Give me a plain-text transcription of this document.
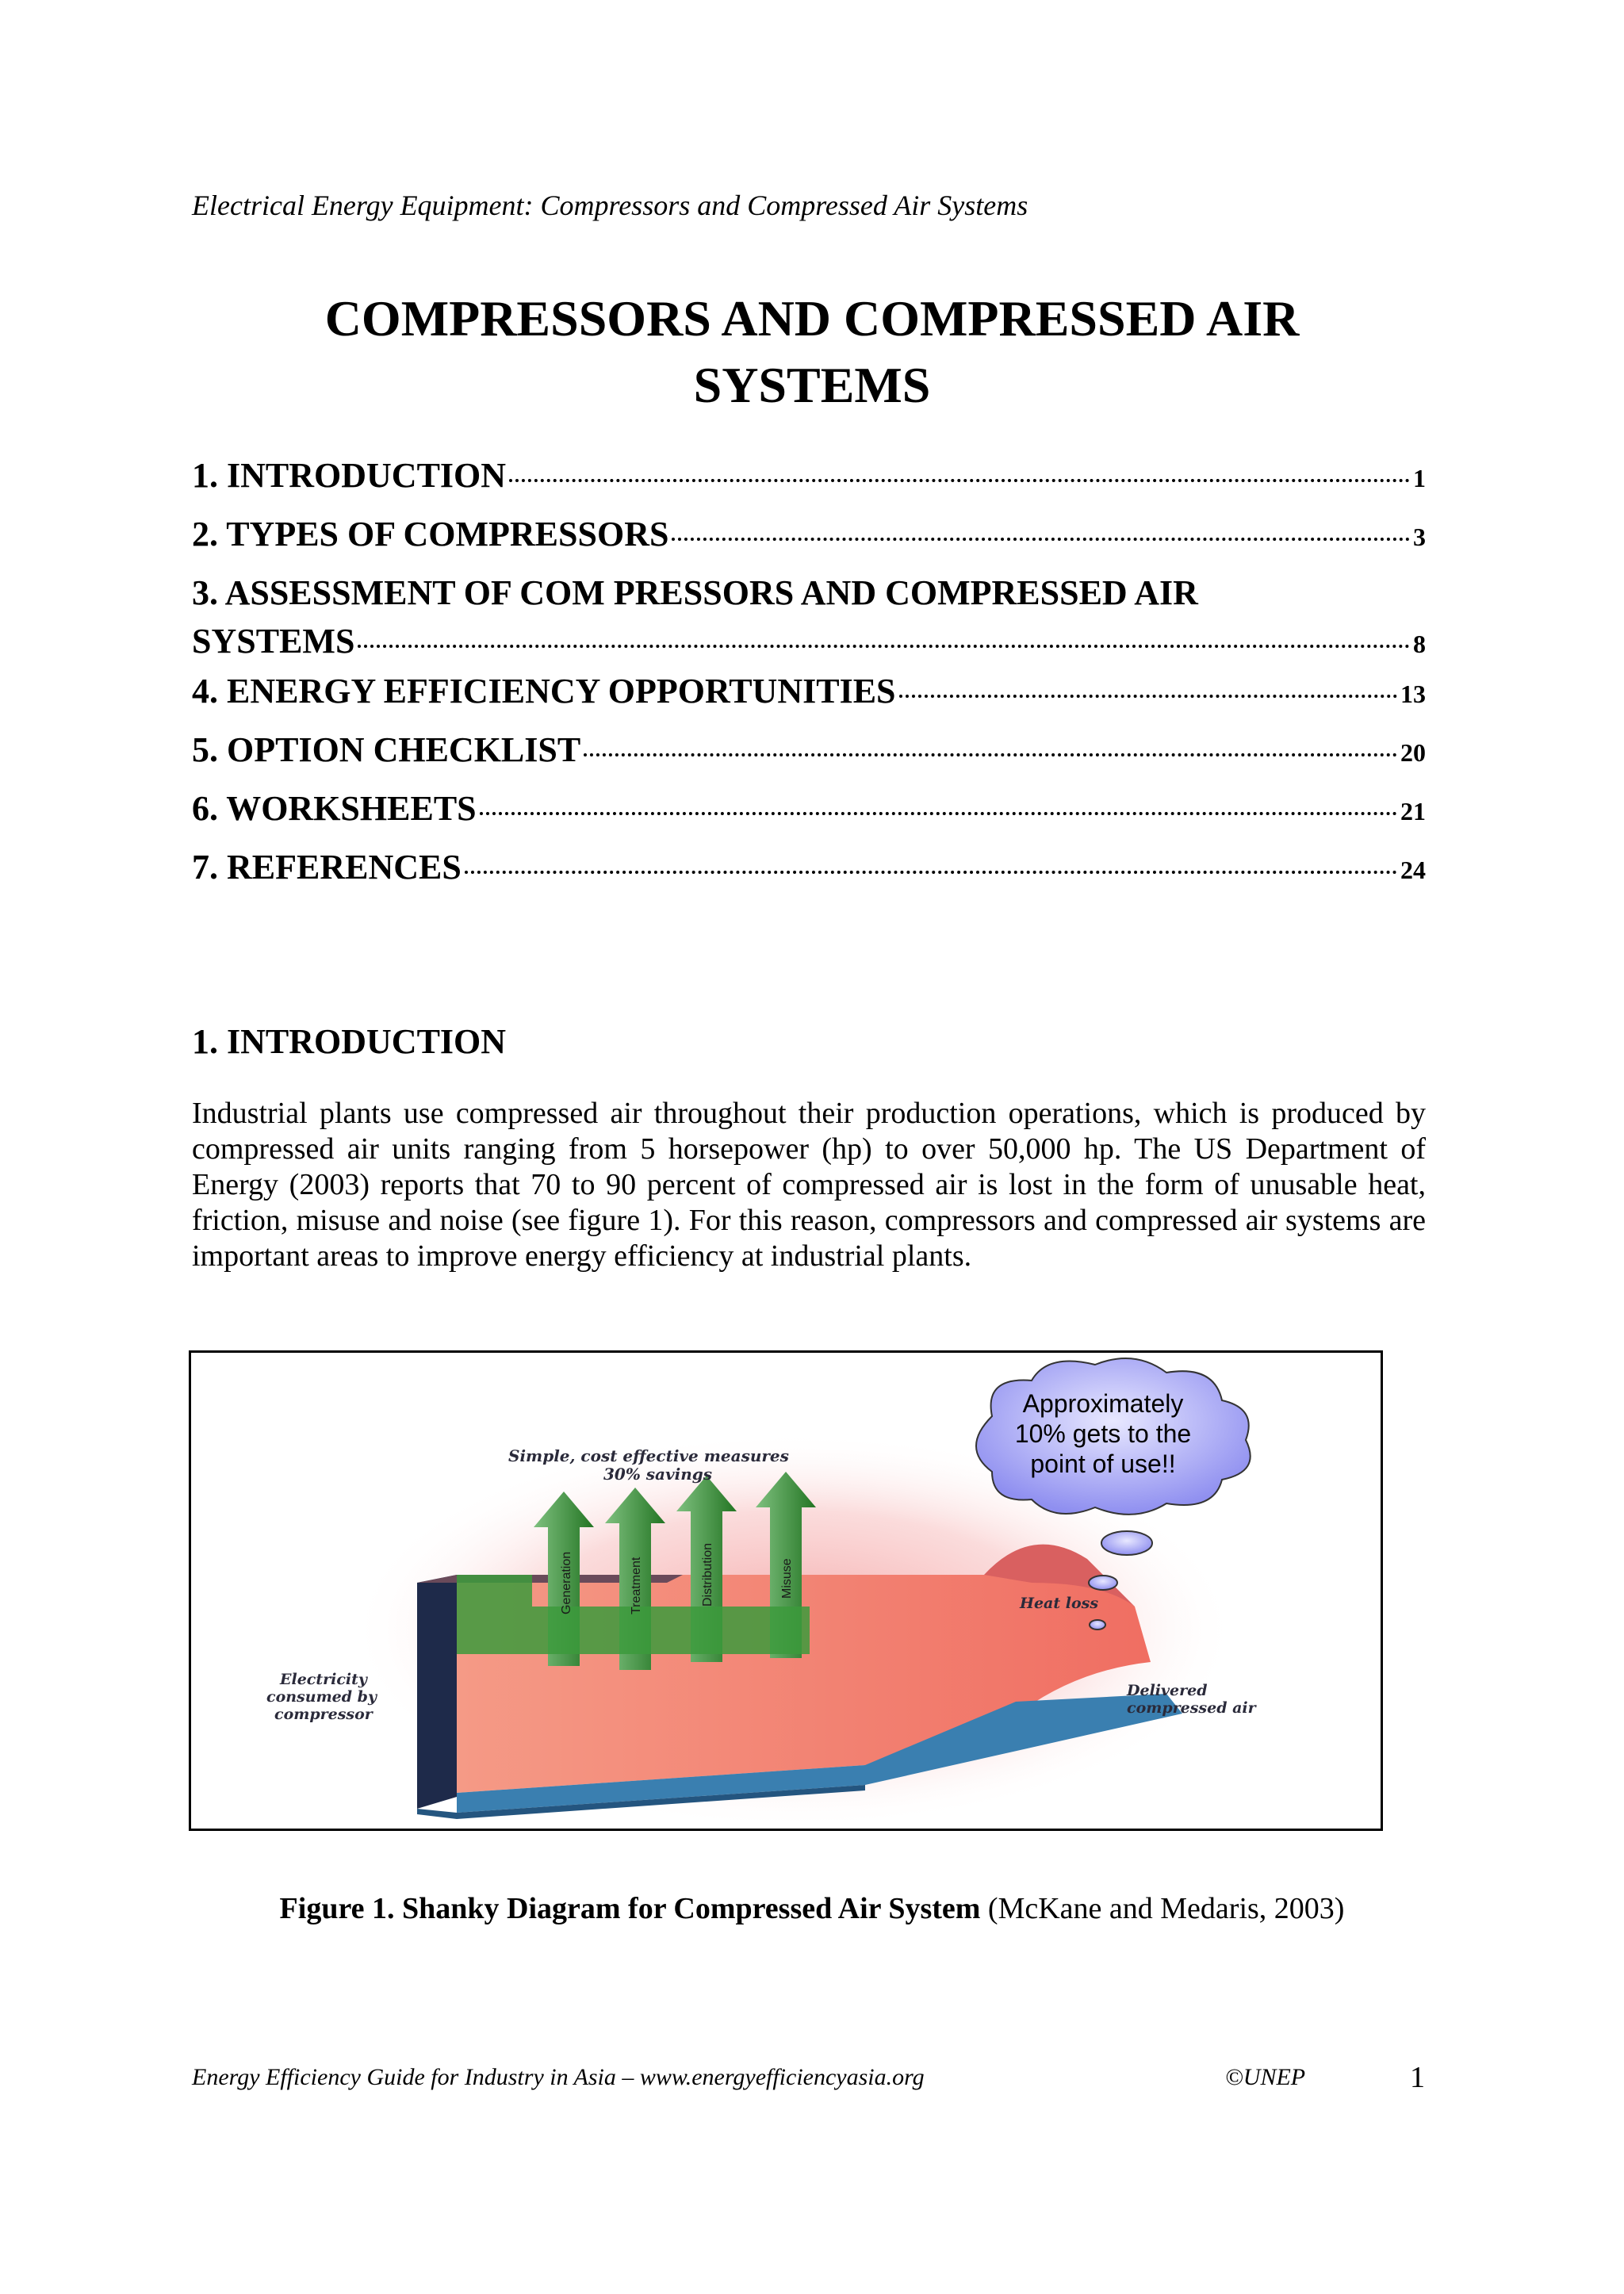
Electrical Energy Equipment: Compressors and Compressed Air Systems
COMPRESSORS AND COMPRESSED AIR
SYSTEMS
1. INTRODUCTION	1
2. TYPES OF COMPRESSORS	3
3. ASSESSMENT OF COM PRESSORS AND COMPRESSED AIR
SYSTEMS	8
4. ENERGY EFFICIENCY OPPORTUNITIES	13
5. OPTION CHECKLIST	20
6. WORKSHEETS	21
7. REFERENCES	24
1. INTRODUCTION

Industrial plants use compressed air throughout their production operations, which is produced by compressed air units ranging from 5 horsepower (hp) to over 50,000 hp. The US Department of Energy (2003) reports that 70 to 90 percent of compressed air is lost in the form of unusable heat, friction, misuse and noise (see figure 1). For this reason, compressors and compressed air systems are important areas to improve energy efficiency at industrial plants.

Generation	Treatment	Distribution	Misuse
Simple, cost effective measures
30% savings
Approximately
10% gets to the
point of use!!
Heat loss
Electricity
consumed by
compressor
Delivered
compressed air
Figure 1. Shanky Diagram for Compressed Air System (McKane and Medaris, 2003)
Energy Efficiency Guide for Industry in Asia – www.energyefficiencyasia.org	©UNEP	1
